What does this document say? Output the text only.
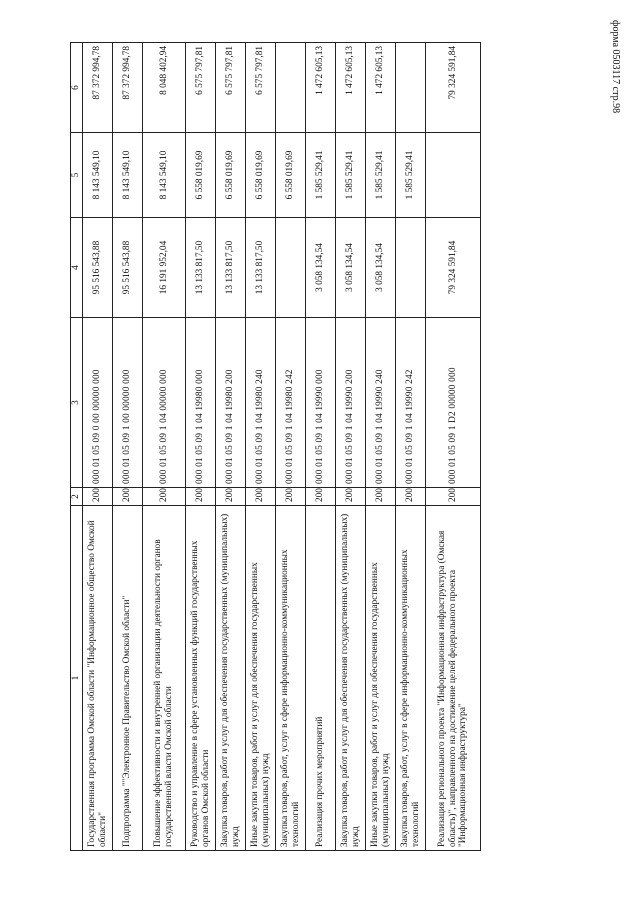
форма 0503117 стр.98
1	2	3	4	5	6
Государственная программа Омской области "Информационное общество Омской области"	200	000 01 05 09 0 00 00000 000	95 516 543,88	8 143 549,10	87 372 994,78
Подпрограмма ""Электронное Правительство Омской области"	200	000 01 05 09 1 00 00000 000	95 516 543,88	8 143 549,10	87 372 994,78
Повышение эффективности и внутренней организации деятельности органов государственной власти Омской области	200	000 01 05 09 1 04 00000 000	16 191 952,04	8 143 549,10	8 048 402,94
Руководство и управление в сфере установленных функций государственных органов Омской области	200	000 01 05 09 1 04 19980 000	13 133 817,50	6 558 019,69	6 575 797,81
Закупка товаров, работ и услуг для обеспечения государственных (муниципальных) нужд	200	000 01 05 09 1 04 19980 200	13 133 817,50	6 558 019,69	6 575 797,81
Иные закупки товаров, работ и услуг для обеспечения государственных (муниципальных) нужд	200	000 01 05 09 1 04 19980 240	13 133 817,50	6 558 019,69	6 575 797,81
Закупка товаров, работ, услуг в сфере информационно-коммуникационных технологий	200	000 01 05 09 1 04 19980 242		6 558 019,69	
Реализация прочих мероприятий	200	000 01 05 09 1 04 19990 000	3 058 134,54	1 585 529,41	1 472 605,13
Закупка товаров, работ и услуг для обеспечения государственных (муниципальных) нужд	200	000 01 05 09 1 04 19990 200	3 058 134,54	1 585 529,41	1 472 605,13
Иные закупки товаров, работ и услуг для обеспечения государственных (муниципальных) нужд	200	000 01 05 09 1 04 19990 240	3 058 134,54	1 585 529,41	1 472 605,13
Закупка товаров, работ, услуг в сфере информационно-коммуникационных технологий	200	000 01 05 09 1 04 19990 242		1 585 529,41	
Реализация регионального проекта "Информационная инфраструктура (Омская область)", направленного на достижение целей федерального проекта "Информационная инфраструктура"	200	000 01 05 09 1 D2 00000 000	79 324 591,84		79 324 591,84
